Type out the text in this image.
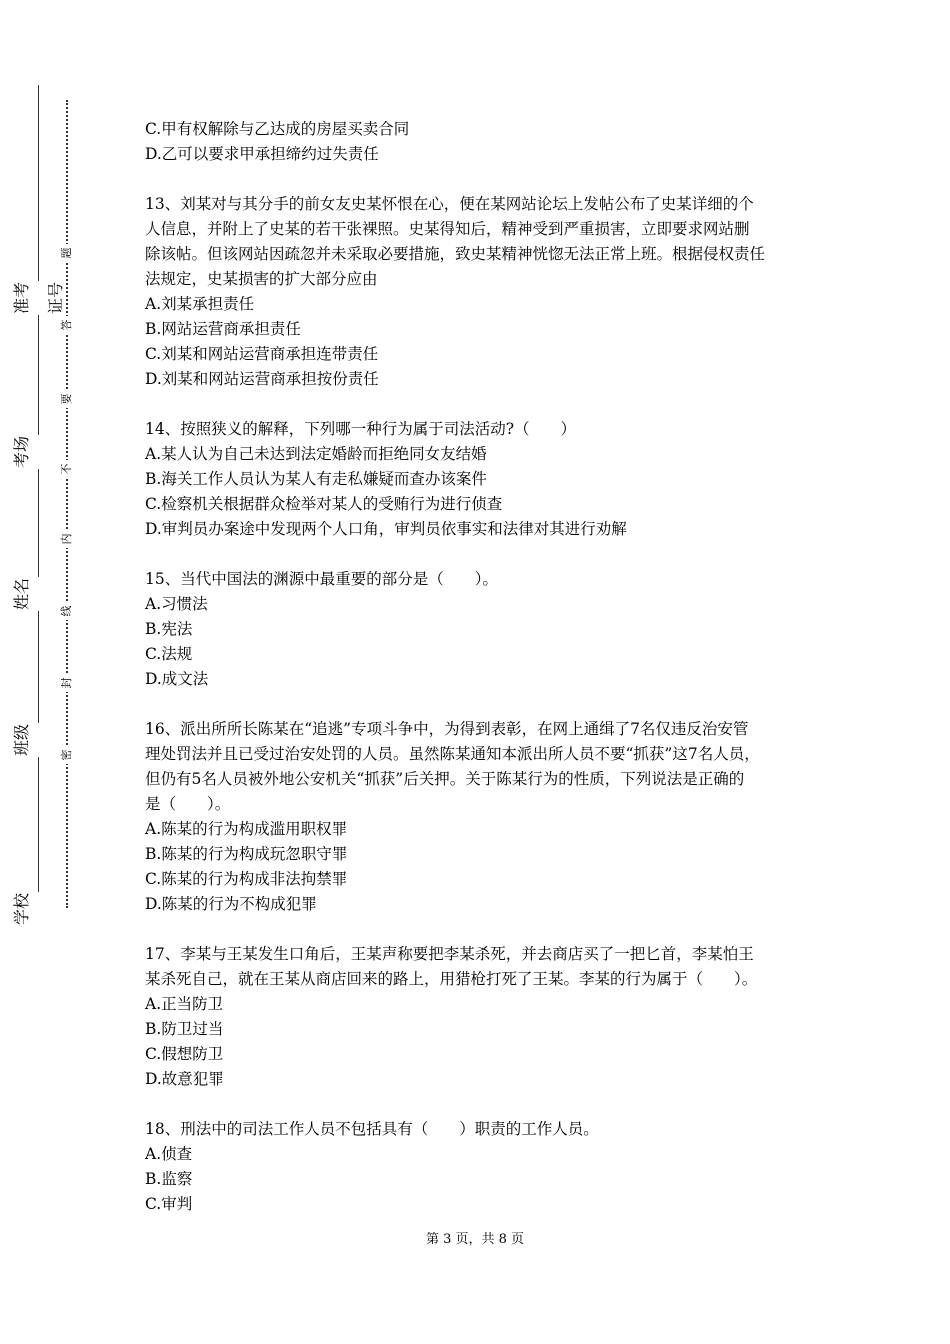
准考证号
考场
姓名
班级
学校
题
答
要
不
内
线
封
密

C.甲有权解除与乙达成的房屋买卖合同

D.乙可以要求甲承担缔约过失责任

13、刘某对与其分手的前女友史某怀恨在心，便在某网站论坛上发帖公布了史某详细的个

人信息，并附上了史某的若干张裸照。史某得知后，精神受到严重损害，立即要求网站删

除该帖。但该网站因疏忽并未采取必要措施，致史某精神恍惚无法正常上班。根据侵权责任

法规定，史某损害的扩大部分应由

A.刘某承担责任

B.网站运营商承担责任

C.刘某和网站运营商承担连带责任

D.刘某和网站运营商承担按份责任

14、按照狭义的解释，下列哪一种行为属于司法活动?（　　）

A.某人认为自己未达到法定婚龄而拒绝同女友结婚

B.海关工作人员认为某人有走私嫌疑而查办该案件

C.检察机关根据群众检举对某人的受贿行为进行侦查

D.审判员办案途中发现两个人口角，审判员依事实和法律对其进行劝解

15、当代中国法的渊源中最重要的部分是（　　）。

A.习惯法

B.宪法

C.法规

D.成文法

16、派出所所长陈某在“追逃”专项斗争中，为得到表彰，在网上通缉了7名仅违反治安管

理处罚法并且已受过治安处罚的人员。虽然陈某通知本派出所人员不要“抓获”这7名人员，

但仍有5名人员被外地公安机关“抓获”后关押。关于陈某行为的性质，下列说法是正确的

是（　　）。

A.陈某的行为构成滥用职权罪

B.陈某的行为构成玩忽职守罪

C.陈某的行为构成非法拘禁罪

D.陈某的行为不构成犯罪

17、李某与王某发生口角后，王某声称要把李某杀死，并去商店买了一把匕首，李某怕王

某杀死自己，就在王某从商店回来的路上，用猎枪打死了王某。李某的行为属于（　　）。

A.正当防卫

B.防卫过当

C.假想防卫

D.故意犯罪

18、刑法中的司法工作人员不包括具有（　　）职责的工作人员。

A.侦查

B.监察

C.审判

第 3 页，共 8 页
